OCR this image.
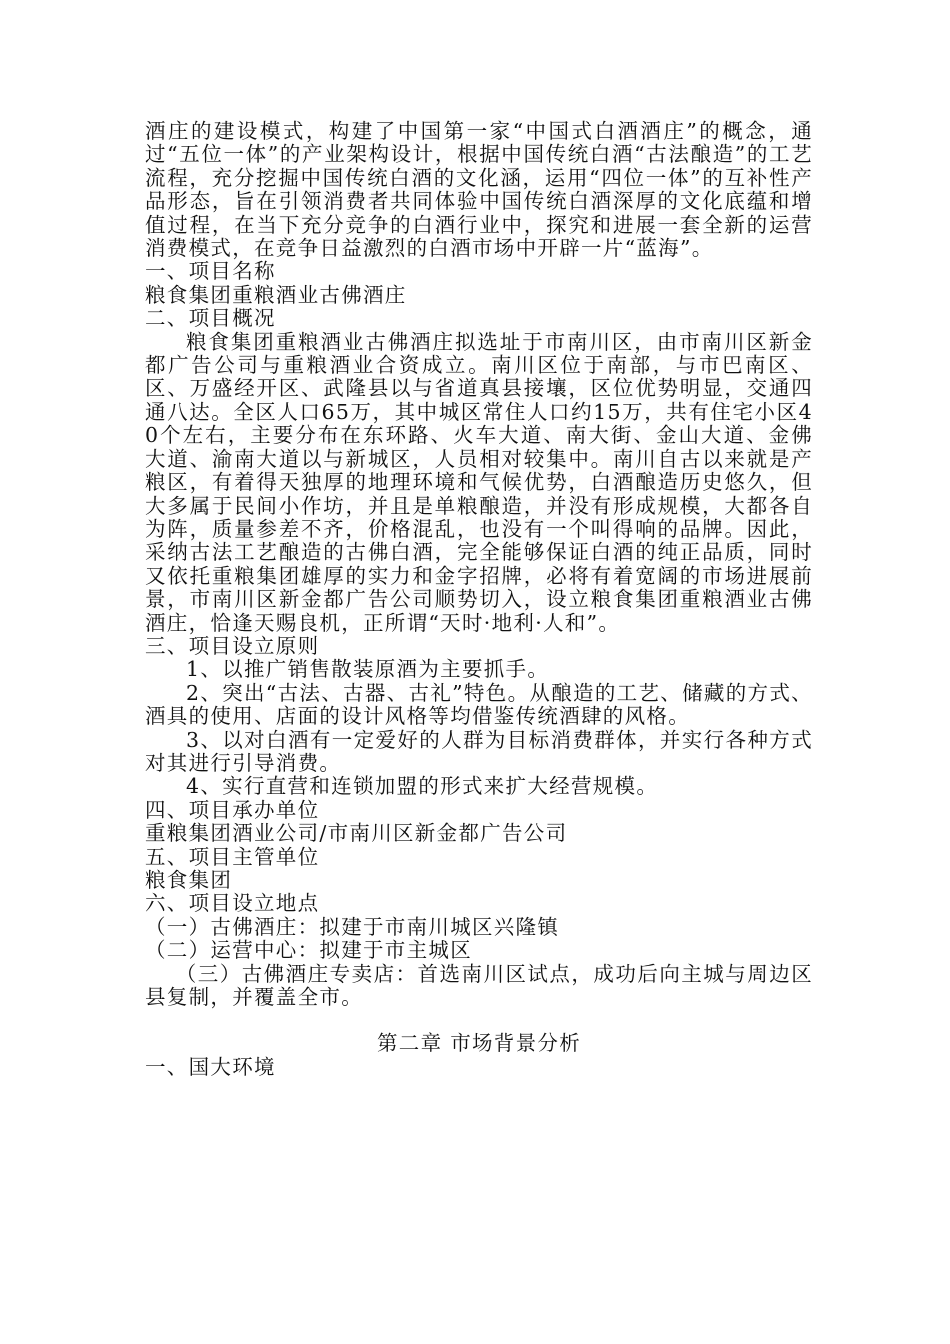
酒庄的建设模式，构建了中国第一家“中国式白酒酒庄”的概念，通过“五位一体”的产业架构设计，根据中国传统白酒“古法酿造”的工艺流程，充分挖掘中国传统白酒的文化涵，运用“四位一体”的互补性产品形态，旨在引领消费者共同体验中国传统白酒深厚的文化底蕴和增值过程，在当下充分竞争的白酒行业中，探究和进展一套全新的运营消费模式，在竞争日益激烈的白酒市场中开辟一片“蓝海”。

一、项目名称

粮食集团重粮酒业古佛酒庄

二、项目概况

粮食集团重粮酒业古佛酒庄拟选址于市南川区，由市南川区新金都广告公司与重粮酒业合资成立。南川区位于南部，与市巴南区、区、万盛经开区、武隆县以与省道真县接壤，区位优势明显，交通四通八达。全区人口65万，其中城区常住人口约15万，共有住宅小区40个左右，主要分布在东环路、火车大道、南大街、金山大道、金佛大道、渝南大道以与新城区，人员相对较集中。南川自古以来就是产粮区，有着得天独厚的地理环境和气候优势，白酒酿造历史悠久，但大多属于民间小作坊，并且是单粮酿造，并没有形成规模，大都各自为阵，质量参差不齐，价格混乱，也没有一个叫得响的品牌。因此，采纳古法工艺酿造的古佛白酒，完全能够保证白酒的纯正品质，同时又依托重粮集团雄厚的实力和金字招牌，必将有着宽阔的市场进展前景，市南川区新金都广告公司顺势切入，设立粮食集团重粮酒业古佛酒庄，恰逢天赐良机，正所谓“天时·地利·人和”。

三、项目设立原则

1、以推广销售散装原酒为主要抓手。

2、突出“古法、古器、古礼”特色。从酿造的工艺、储藏的方式、酒具的使用、店面的设计风格等均借鉴传统酒肆的风格。

3、以对白酒有一定爱好的人群为目标消费群体，并实行各种方式对其进行引导消费。

4、实行直营和连锁加盟的形式来扩大经营规模。

四、项目承办单位

重粮集团酒业公司/市南川区新金都广告公司

五、项目主管单位

粮食集团

六、项目设立地点

（一）古佛酒庄：拟建于市南川城区兴隆镇

（二）运营中心：拟建于市主城区

（三）古佛酒庄专卖店：首选南川区试点，成功后向主城与周边区县复制，并覆盖全市。

第二章 市场背景分析

一、国大环境
